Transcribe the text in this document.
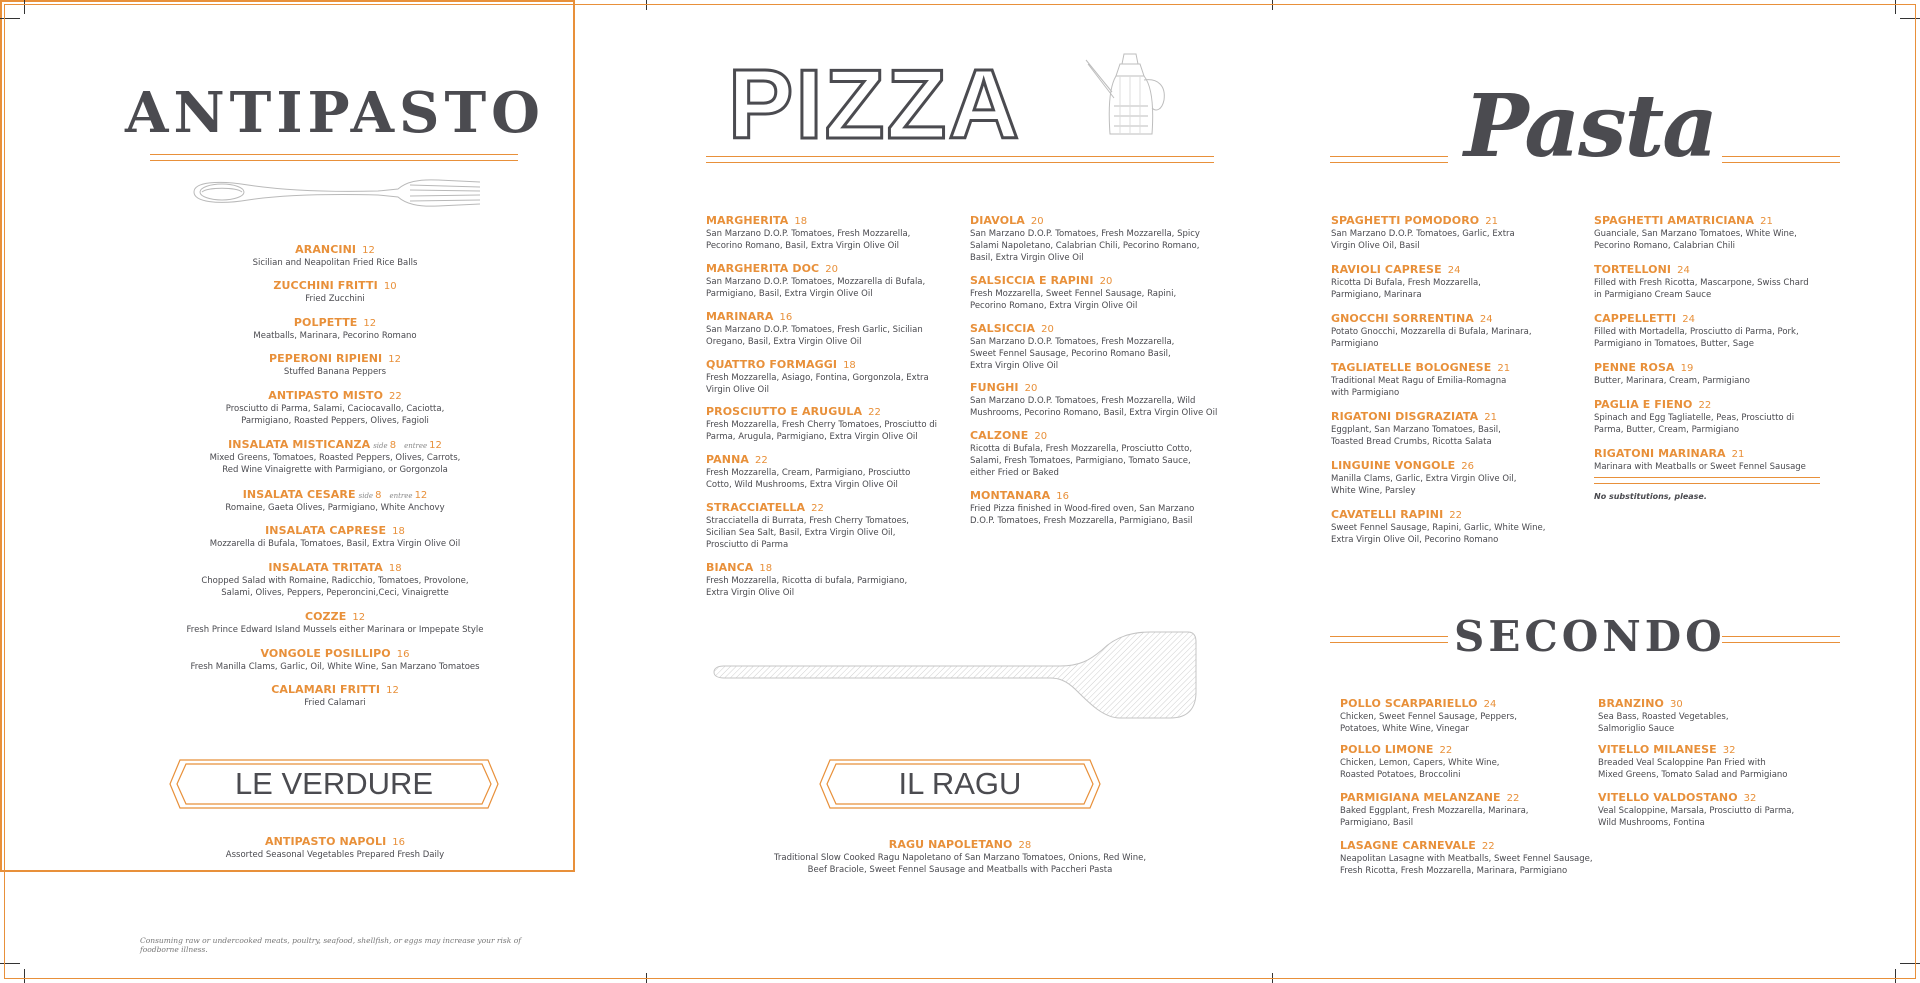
ANTIPASTO
ARANCINI 12
Sicilian and Neapolitan Fried Rice Balls
ZUCCHINI FRITTI 10
Fried Zucchini
POLPETTE 12
Meatballs, Marinara, Pecorino Romano
PEPERONI RIPIENI 12
Stuffed Banana Peppers
ANTIPASTO MISTO 22
Prosciutto di Parma, Salami, Caciocavallo, Caciotta,
Parmigiano, Roasted Peppers, Olives, Fagioli
INSALATA MISTICANZA side 8 entree 12
Mixed Greens, Tomatoes, Roasted Peppers, Olives, Carrots,
Red Wine Vinaigrette with Parmigiano, or Gorgonzola
INSALATA CESARE side 8 entree 12
Romaine, Gaeta Olives, Parmigiano, White Anchovy
INSALATA CAPRESE 18
Mozzarella di Bufala, Tomatoes, Basil, Extra Virgin Olive Oil
INSALATA TRITATA 18
Chopped Salad with Romaine, Radicchio, Tomatoes, Provolone,
Salami, Olives, Peppers, Peperoncini,Ceci, Vinaigrette
COZZE 12
Fresh Prince Edward Island Mussels either Marinara or Impepate Style
VONGOLE POSILLIPO 16
Fresh Manilla Clams, Garlic, Oil, White Wine, San Marzano Tomatoes
CALAMARI FRITTI 12
Fried Calamari
LE VERDURE
ANTIPASTO NAPOLI 16
Assorted Seasonal Vegetables Prepared Fresh Daily
Consuming raw or undercooked meats, poultry, seafood, shellfish, or eggs may increase your risk of foodborne illness.
PIZZA
MARGHERITA 18
San Marzano D.O.P. Tomatoes, Fresh Mozzarella,
Pecorino Romano, Basil, Extra Virgin Olive Oil
MARGHERITA DOC 20
San Marzano D.O.P. Tomatoes, Mozzarella di Bufala,
Parmigiano, Basil, Extra Virgin Olive Oil
MARINARA 16
San Marzano D.O.P. Tomatoes, Fresh Garlic, Sicilian
Oregano, Basil, Extra Virgin Olive Oil
QUATTRO FORMAGGI 18
Fresh Mozzarella, Asiago, Fontina, Gorgonzola, Extra
Virgin Olive Oil
PROSCIUTTO E ARUGULA 22
Fresh Mozzarella, Fresh Cherry Tomatoes, Prosciutto di
Parma, Arugula, Parmigiano, Extra Virgin Olive Oil
PANNA 22
Fresh Mozzarella, Cream, Parmigiano, Prosciutto
Cotto, Wild Mushrooms, Extra Virgin Olive Oil
STRACCIATELLA 22
Stracciatella di Burrata, Fresh Cherry Tomatoes,
Sicilian Sea Salt, Basil, Extra Virgin Olive Oil,
Prosciutto di Parma
BIANCA 18
Fresh Mozzarella, Ricotta di bufala, Parmigiano,
Extra Virgin Olive Oil
DIAVOLA 20
San Marzano D.O.P. Tomatoes, Fresh Mozzarella, Spicy
Salami Napoletano, Calabrian Chili, Pecorino Romano,
Basil, Extra Virgin Olive Oil
SALSICCIA E RAPINI 20
Fresh Mozzarella, Sweet Fennel Sausage, Rapini,
Pecorino Romano, Extra Virgin Olive Oil
SALSICCIA 20
San Marzano D.O.P. Tomatoes, Fresh Mozzarella,
Sweet Fennel Sausage, Pecorino Romano Basil,
Extra Virgin Olive Oil
FUNGHI 20
San Marzano D.O.P. Tomatoes, Fresh Mozzarella, Wild
Mushrooms, Pecorino Romano, Basil, Extra Virgin Olive Oil
CALZONE 20
Ricotta di Bufala, Fresh Mozzarella, Prosciutto Cotto,
Salami, Fresh Tomatoes, Parmigiano, Tomato Sauce,
either Fried or Baked
MONTANARA 16
Fried Pizza finished in Wood-fired oven, San Marzano
D.O.P. Tomatoes, Fresh Mozzarella, Parmigiano, Basil
IL RAGU
RAGU NAPOLETANO 28
Traditional Slow Cooked Ragu Napoletano of San Marzano Tomatoes, Onions, Red Wine,
Beef Braciole, Sweet Fennel Sausage and Meatballs with Paccheri Pasta
Pasta
SPAGHETTI POMODORO 21
San Marzano D.O.P. Tomatoes, Garlic, Extra
Virgin Olive Oil, Basil
RAVIOLI CAPRESE 24
Ricotta Di Bufala, Fresh Mozzarella,
Parmigiano, Marinara
GNOCCHI SORRENTINA 24
Potato Gnocchi, Mozzarella di Bufala, Marinara,
Parmigiano
TAGLIATELLE BOLOGNESE 21
Traditional Meat Ragu of Emilia-Romagna
with Parmigiano
RIGATONI DISGRAZIATA 21
Eggplant, San Marzano Tomatoes, Basil,
Toasted Bread Crumbs, Ricotta Salata
LINGUINE VONGOLE 26
Manilla Clams, Garlic, Extra Virgin Olive Oil,
White Wine, Parsley
CAVATELLI RAPINI 22
Sweet Fennel Sausage, Rapini, Garlic, White Wine,
Extra Virgin Olive Oil, Pecorino Romano
SPAGHETTI AMATRICIANA 21
Guanciale, San Marzano Tomatoes, White Wine,
Pecorino Romano, Calabrian Chili
TORTELLONI 24
Filled with Fresh Ricotta, Mascarpone, Swiss Chard
in Parmigiano Cream Sauce
CAPPELLETTI 24
Filled with Mortadella, Prosciutto di Parma, Pork,
Parmigiano in Tomatoes, Butter, Sage
PENNE ROSA 19
Butter, Marinara, Cream, Parmigiano
PAGLIA E FIENO 22
Spinach and Egg Tagliatelle, Peas, Prosciutto di
Parma, Butter, Cream, Parmigiano
RIGATONI MARINARA 21
Marinara with Meatballs or Sweet Fennel Sausage
No substitutions, please.
SECONDO
POLLO SCARPARIELLO 24
Chicken, Sweet Fennel Sausage, Peppers,
Potatoes, White Wine, Vinegar
POLLO LIMONE 22
Chicken, Lemon, Capers, White Wine,
Roasted Potatoes, Broccolini
PARMIGIANA MELANZANE 22
Baked Eggplant, Fresh Mozzarella, Marinara,
Parmigiano, Basil
LASAGNE CARNEVALE 22
Neapolitan Lasagne with Meatballs, Sweet Fennel Sausage,
Fresh Ricotta, Fresh Mozzarella, Marinara, Parmigiano
BRANZINO 30
Sea Bass, Roasted Vegetables,
Salmoriglio Sauce
VITELLO MILANESE 32
Breaded Veal Scaloppine Pan Fried with
Mixed Greens, Tomato Salad and Parmigiano
VITELLO VALDOSTANO 32
Veal Scaloppine, Marsala, Prosciutto di Parma,
Wild Mushrooms, Fontina
